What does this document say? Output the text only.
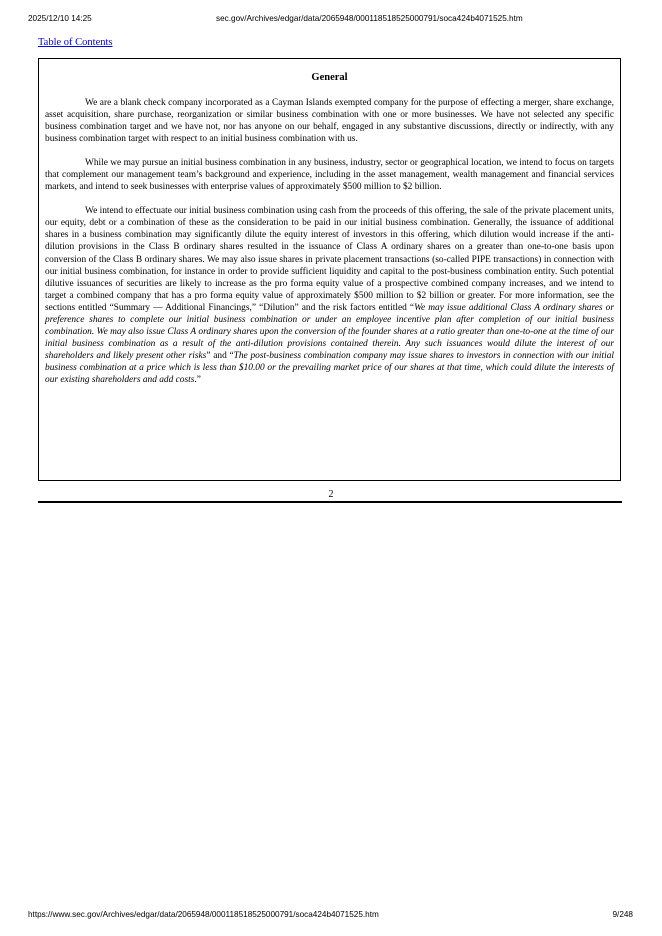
2025/12/10 14:25	sec.gov/Archives/edgar/data/2065948/000118518525000791/soca424b4071525.htm
Table of Contents
General

We are a blank check company incorporated as a Cayman Islands exempted company for the purpose of effecting a merger, share exchange, asset acquisition, share purchase, reorganization or similar business combination with one or more businesses. We have not selected any specific business combination target and we have not, nor has anyone on our behalf, engaged in any substantive discussions, directly or indirectly, with any business combination target with respect to an initial business combination with us.

While we may pursue an initial business combination in any business, industry, sector or geographical location, we intend to focus on targets that complement our management team’s background and experience, including in the asset management, wealth management and financial services markets, and intend to seek businesses with enterprise values of approximately $500 million to $2 billion.

We intend to effectuate our initial business combination using cash from the proceeds of this offering, the sale of the private placement units, our equity, debt or a combination of these as the consideration to be paid in our initial business combination. Generally, the issuance of additional shares in a business combination may significantly dilute the equity interest of investors in this offering, which dilution would increase if the anti-dilution provisions in the Class B ordinary shares resulted in the issuance of Class A ordinary shares on a greater than one-to-one basis upon conversion of the Class B ordinary shares. We may also issue shares in private placement transactions (so-called PIPE transactions) in connection with our initial business combination, for instance in order to provide sufficient liquidity and capital to the post-business combination entity. Such potential dilutive issuances of securities are likely to increase as the pro forma equity value of a prospective combined company increases, and we intend to target a combined company that has a pro forma equity value of approximately $500 million to $2 billion or greater. For more information, see the sections entitled “Summary — Additional Financings,” “Dilution” and the risk factors entitled “We may issue additional Class A ordinary shares or preference shares to complete our initial business combination or under an employee incentive plan after completion of our initial business combination. We may also issue Class A ordinary shares upon the conversion of the founder shares at a ratio greater than one-to-one at the time of our initial business combination as a result of the anti-dilution provisions contained therein. Any such issuances would dilute the interest of our shareholders and likely present other risks” and “The post-business combination company may issue shares to investors in connection with our initial business combination at a price which is less than $10.00 or the prevailing market price of our shares at that time, which could dilute the interests of our existing shareholders and add costs.”

2
https://www.sec.gov/Archives/edgar/data/2065948/000118518525000791/soca424b4071525.htm	9/248
